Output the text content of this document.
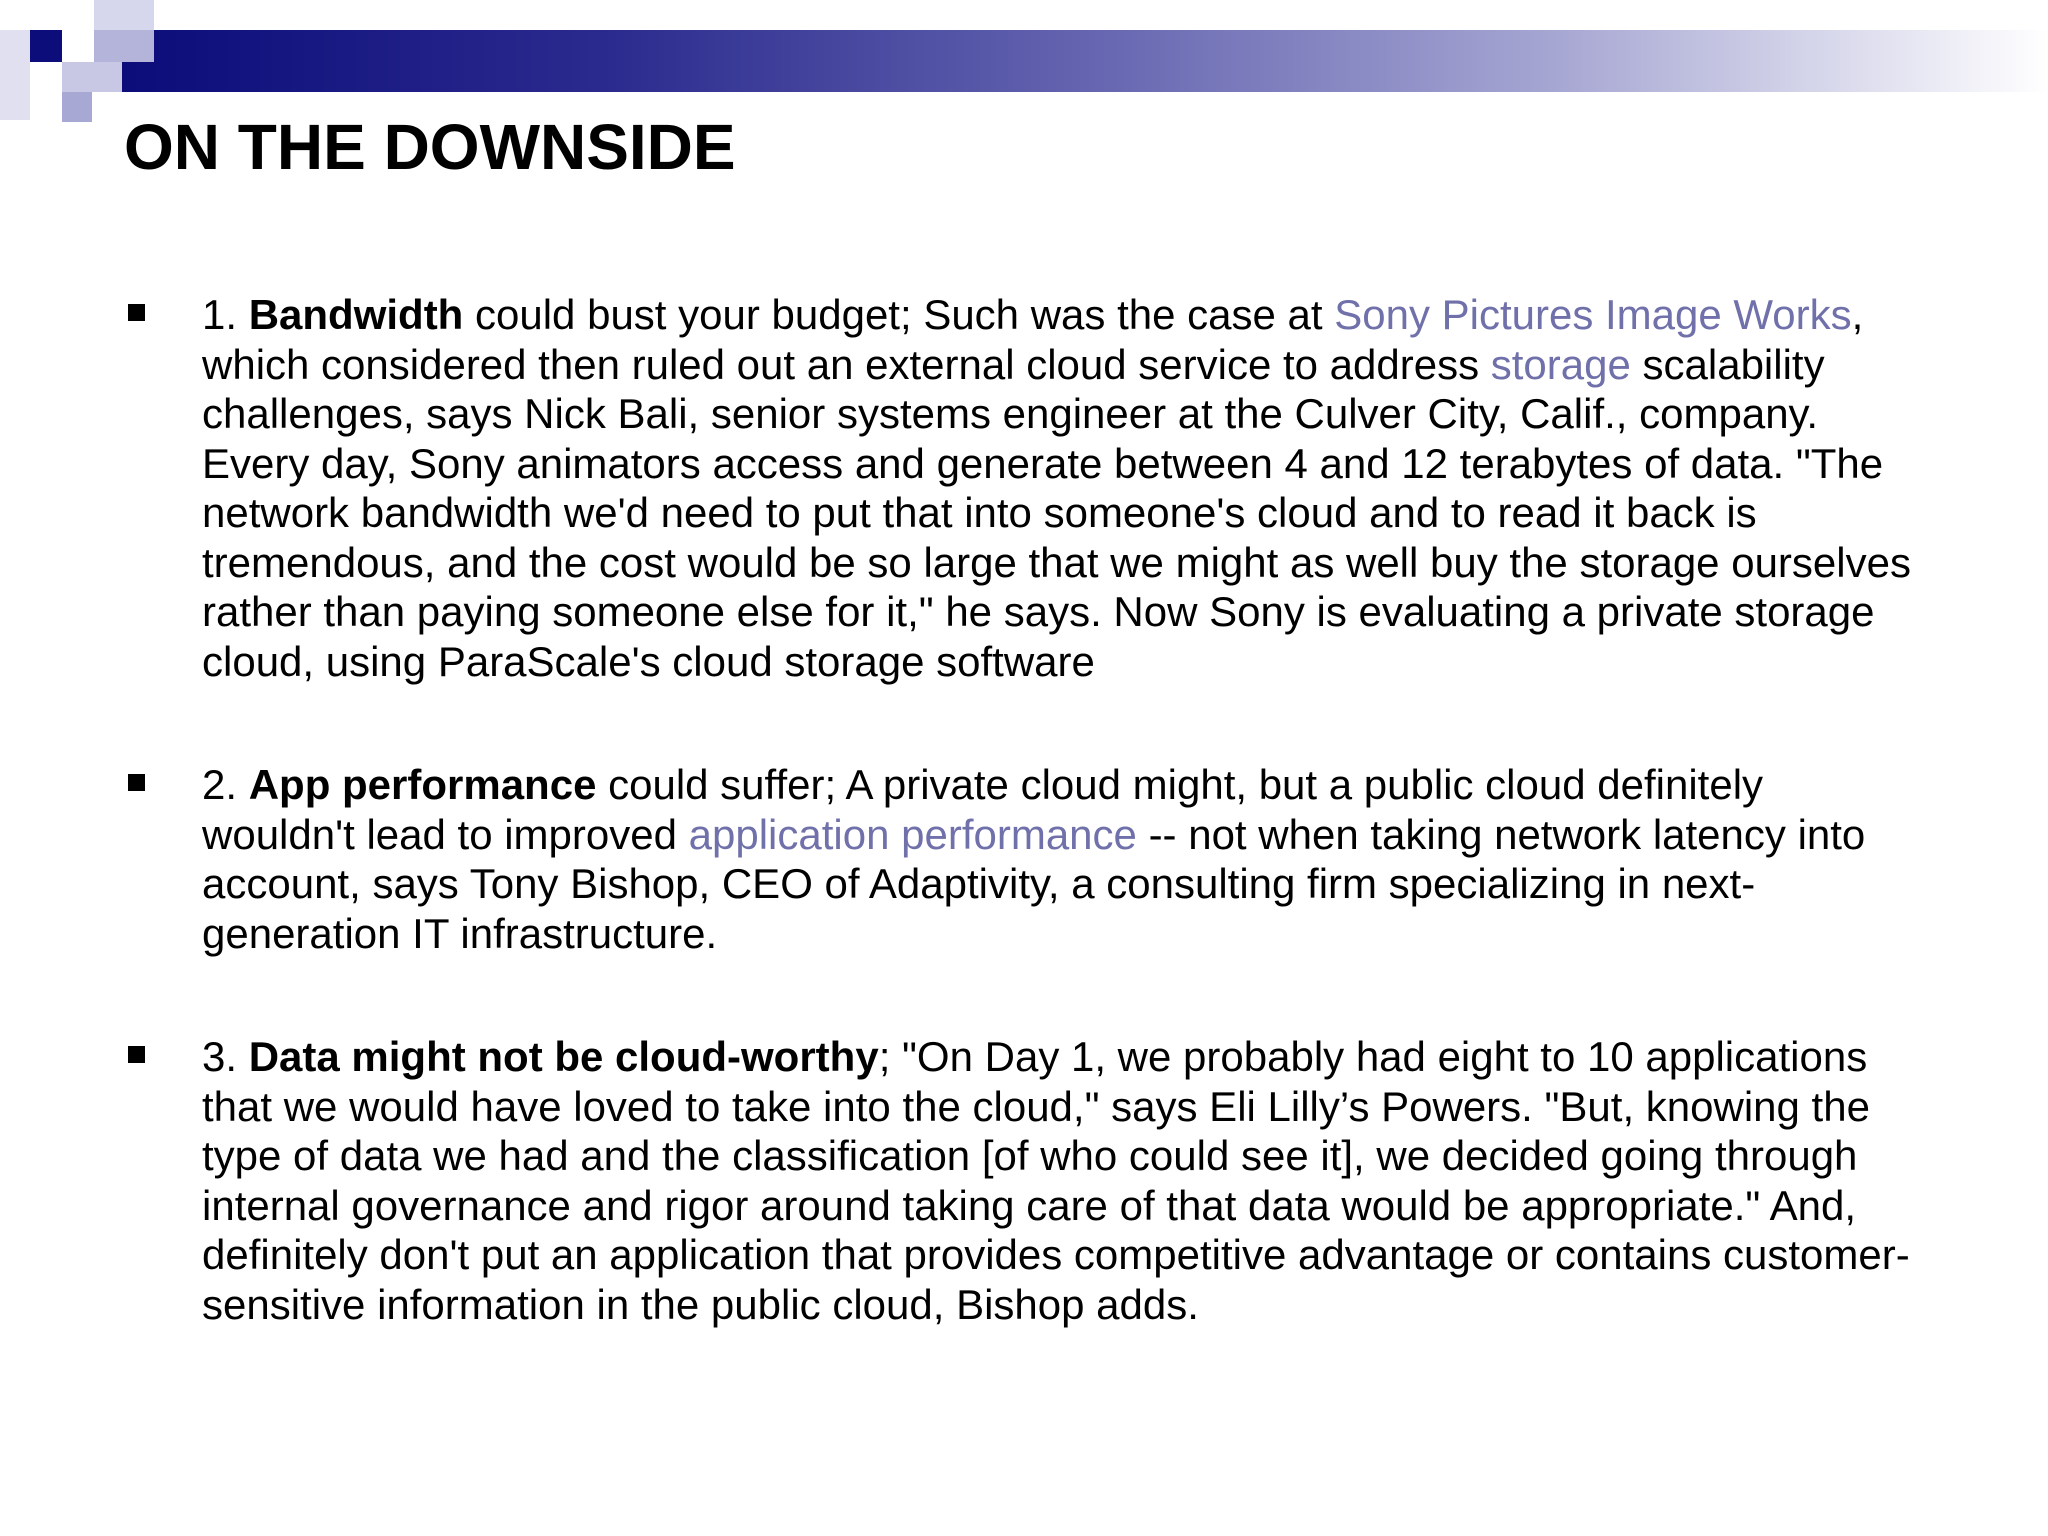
ON THE DOWNSIDE
1. Bandwidth could bust your budget; Such was the case at Sony Pictures Image Works, which considered then ruled out an external cloud service to address storage scalability challenges, says Nick Bali, senior systems engineer at the Culver City, Calif., company. Every day, Sony animators access and generate between 4 and 12 terabytes of data. "The network bandwidth we'd need to put that into someone's cloud and to read it back is tremendous, and the cost would be so large that we might as well buy the storage ourselves rather than paying someone else for it," he says. Now Sony is evaluating a private storage cloud, using ParaScale's cloud storage software
2. App performance could suffer; A private cloud might, but a public cloud definitely wouldn't lead to improved application performance -- not when taking network latency into account, says Tony Bishop, CEO of Adaptivity, a consulting firm specializing in next-generation IT infrastructure.
3. Data might not be cloud-worthy; "On Day 1, we probably had eight to 10 applications that we would have loved to take into the cloud," says Eli Lilly’s Powers. "But, knowing the type of data we had and the classification [of who could see it], we decided going through internal governance and rigor around taking care of that data would be appropriate." And, definitely don't put an application that provides competitive advantage or contains customer-sensitive information in the public cloud, Bishop adds.
